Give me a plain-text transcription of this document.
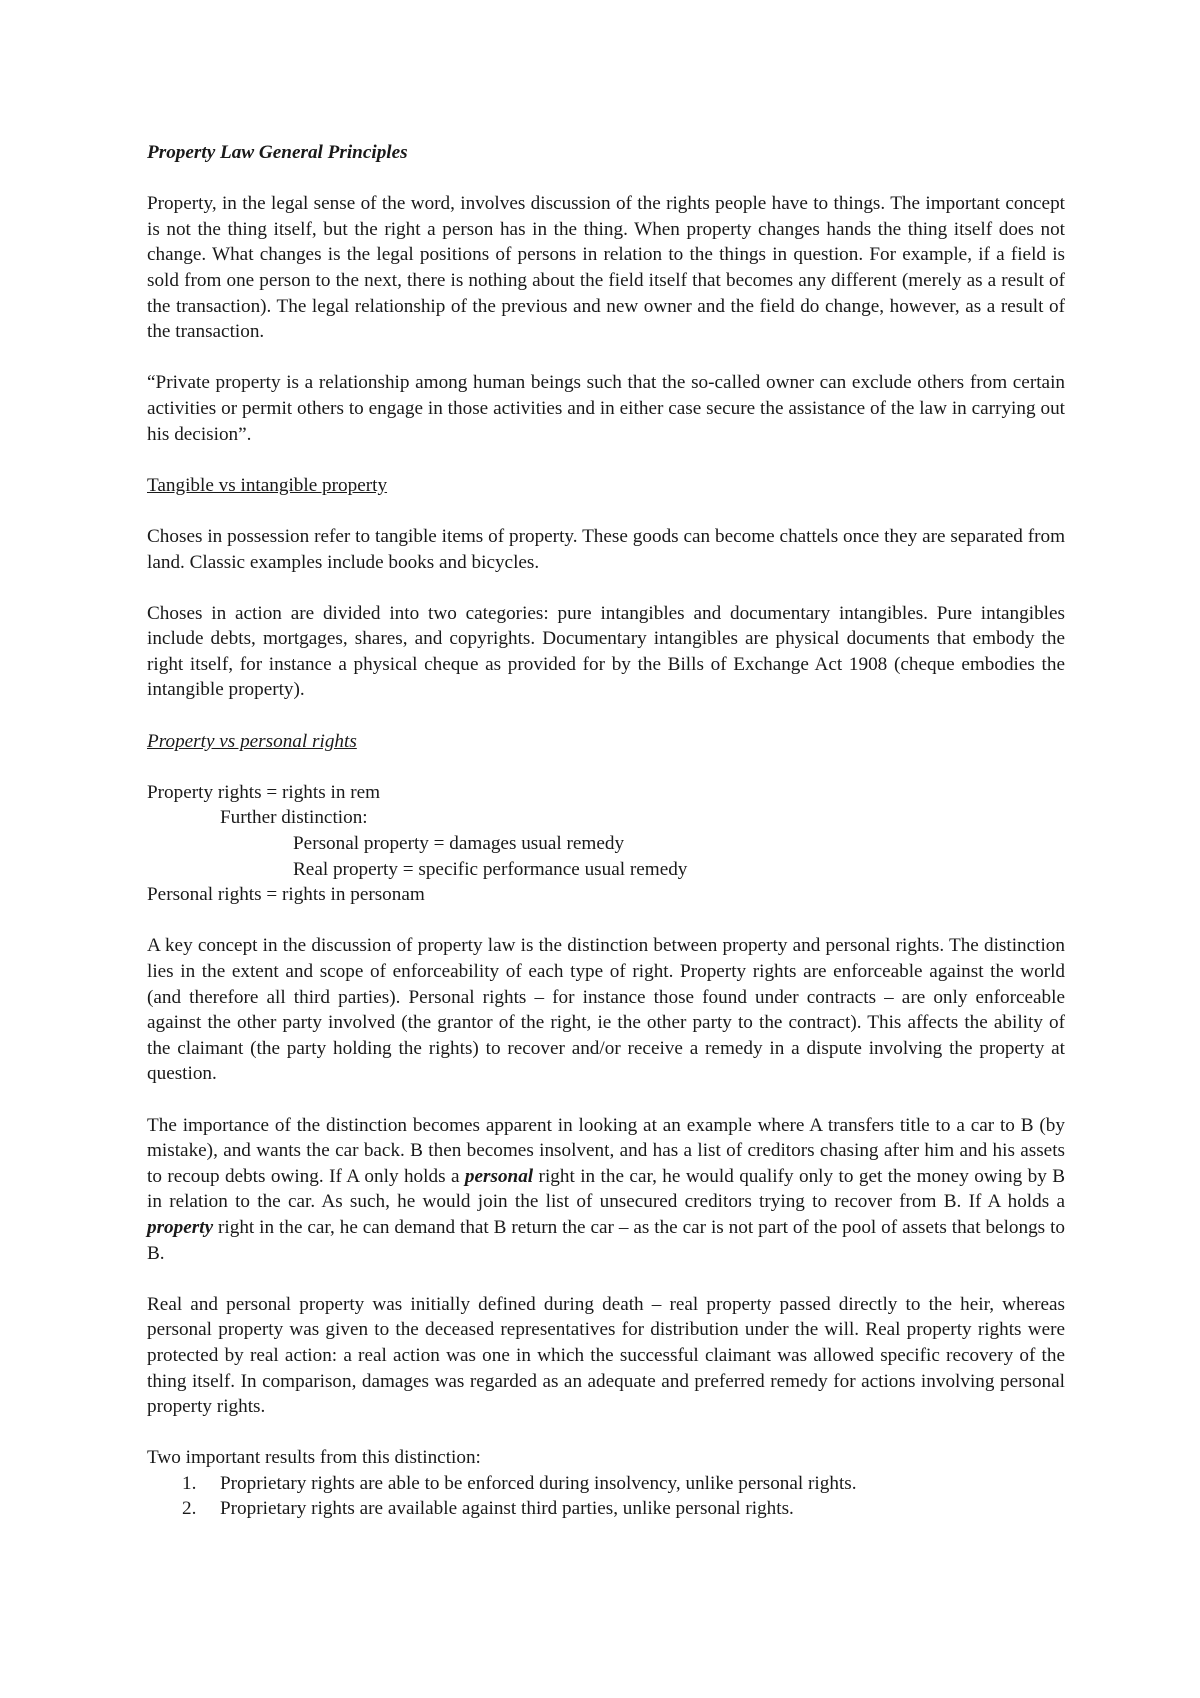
Property Law General Principles

Property, in the legal sense of the word, involves discussion of the rights people have to things. The important concept is not the thing itself, but the right a person has in the thing. When property changes hands the thing itself does not change. What changes is the legal positions of persons in relation to the things in question. For example, if a field is sold from one person to the next, there is nothing about the field itself that becomes any different (merely as a result of the transaction). The legal relationship of the previous and new owner and the field do change, however, as a result of the transaction.

“Private property is a relationship among human beings such that the so-called owner can exclude others from certain activities or permit others to engage in those activities and in either case secure the assistance of the law in carrying out his decision”.

Tangible vs intangible property

Choses in possession refer to tangible items of property. These goods can become chattels once they are separated from land. Classic examples include books and bicycles.

Choses in action are divided into two categories: pure intangibles and documentary intangibles. Pure intangibles include debts, mortgages, shares, and copyrights. Documentary intangibles are physical documents that embody the right itself, for instance a physical cheque as provided for by the Bills of Exchange Act 1908 (cheque embodies the intangible property).

Property vs personal rights
Property rights = rights in rem
Further distinction:
Personal property = damages usual remedy
Real property = specific performance usual remedy
Personal rights = rights in personam

A key concept in the discussion of property law is the distinction between property and personal rights. The distinction lies in the extent and scope of enforceability of each type of right. Property rights are enforceable against the world (and therefore all third parties). Personal rights – for instance those found under contracts – are only enforceable against the other party involved (the grantor of the right, ie the other party to the contract). This affects the ability of the claimant (the party holding the rights) to recover and/or receive a remedy in a dispute involving the property at question.

The importance of the distinction becomes apparent in looking at an example where A transfers title to a car to B (by mistake), and wants the car back. B then becomes insolvent, and has a list of creditors chasing after him and his assets to recoup debts owing. If A only holds a personal right in the car, he would qualify only to get the money owing by B in relation to the car. As such, he would join the list of unsecured creditors trying to recover from B. If A holds a property right in the car, he can demand that B return the car – as the car is not part of the pool of assets that belongs to B.

Real and personal property was initially defined during death – real property passed directly to the heir, whereas personal property was given to the deceased representatives for distribution under the will. Real property rights were protected by real action: a real action was one in which the successful claimant was allowed specific recovery of the thing itself. In comparison, damages was regarded as an adequate and preferred remedy for actions involving personal property rights.

Two important results from this distinction:
1. Proprietary rights are able to be enforced during insolvency, unlike personal rights.
2. Proprietary rights are available against third parties, unlike personal rights.
